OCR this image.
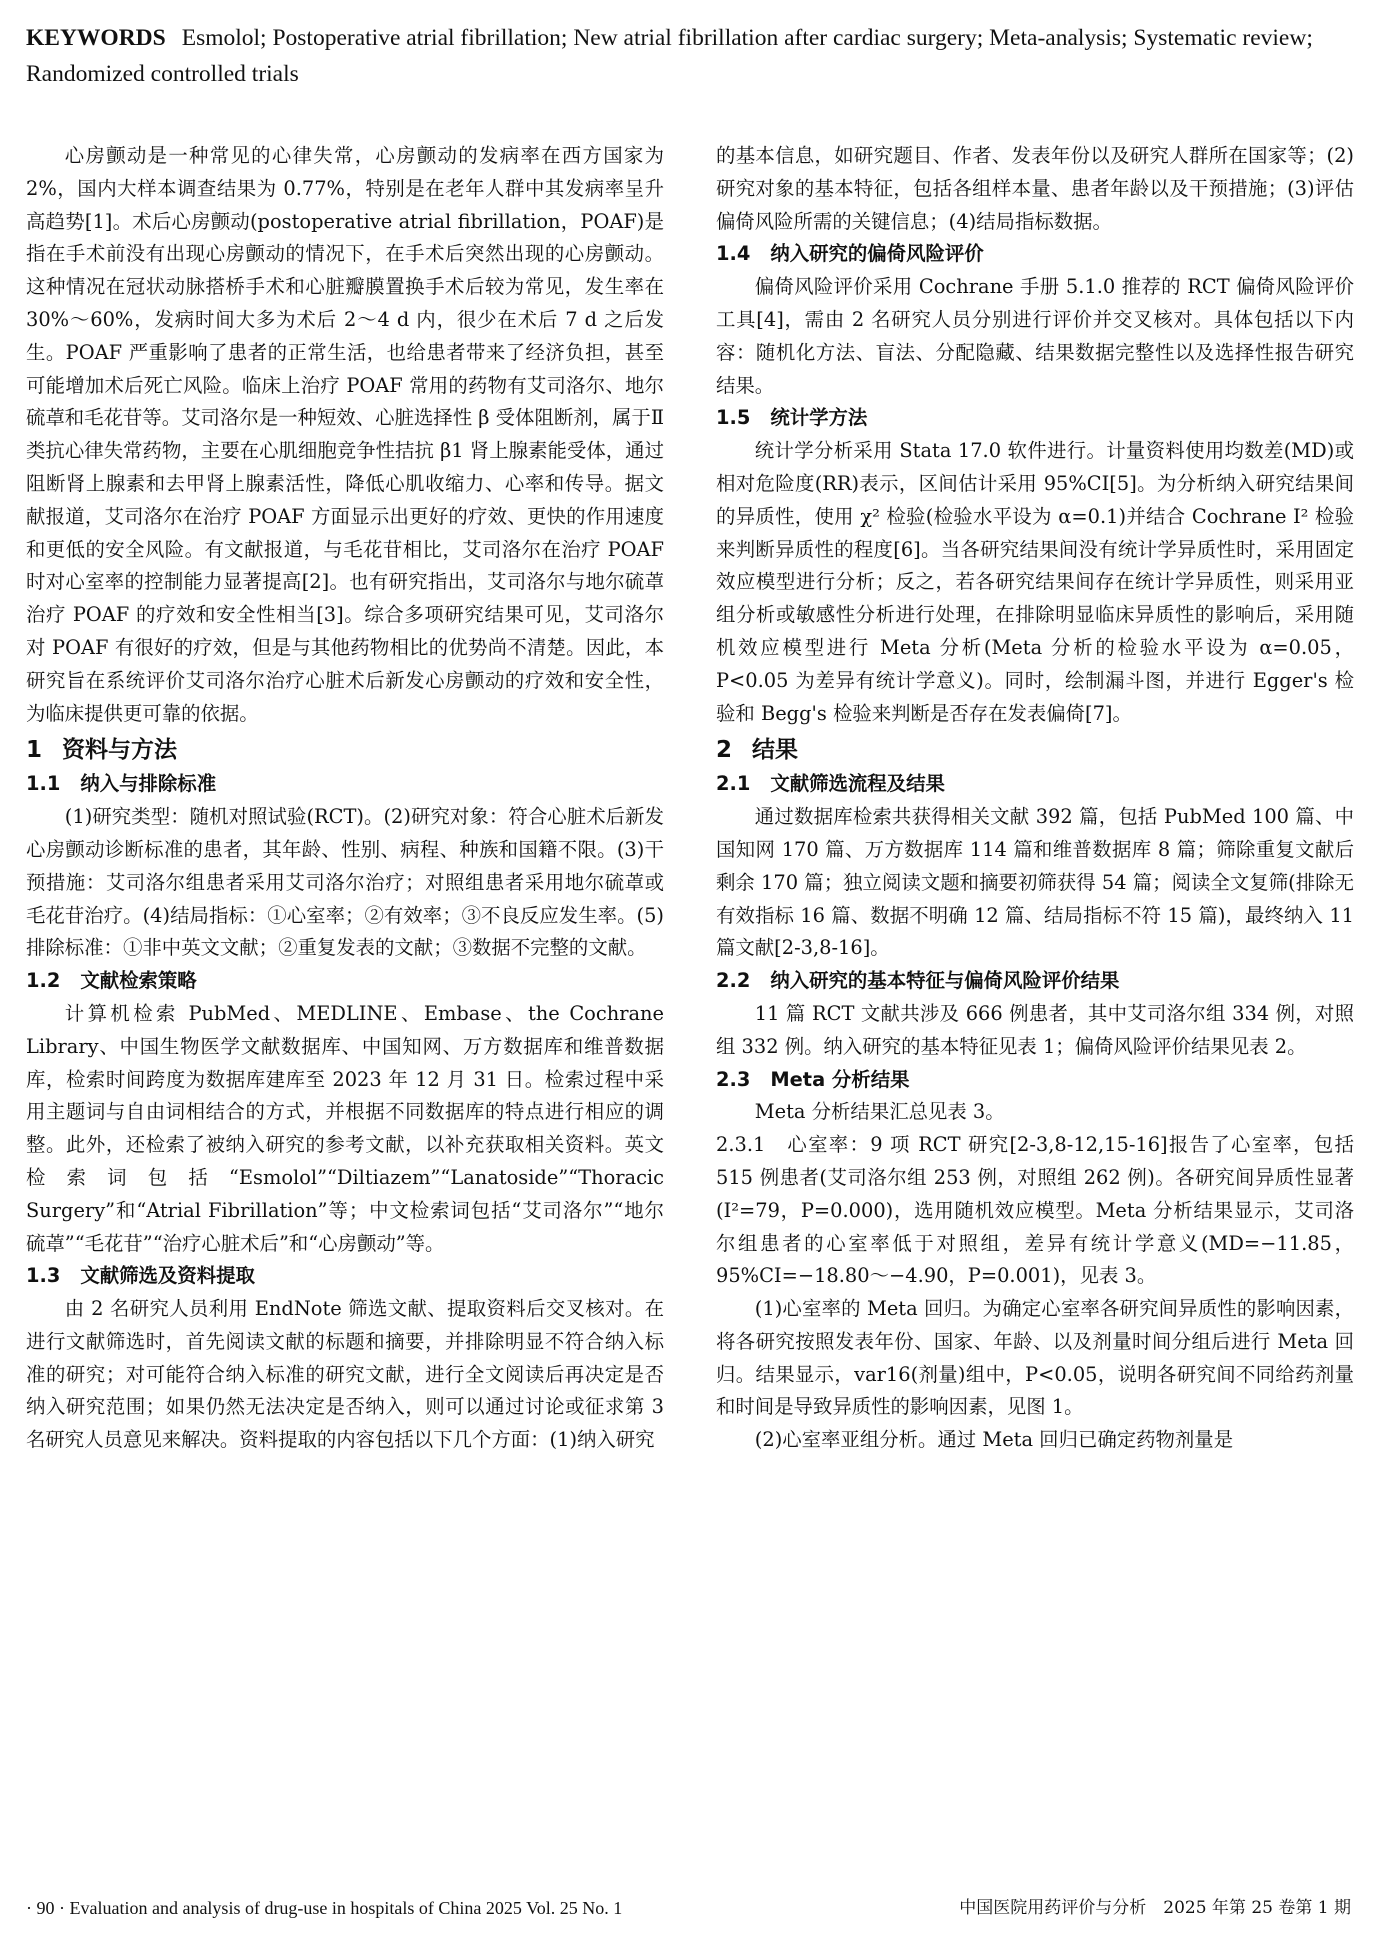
KEYWORDS Esmolol; Postoperative atrial fibrillation; New atrial fibrillation after cardiac surgery; Meta-analysis; Systematic review; Randomized controlled trials

心房颤动是一种常见的心律失常，心房颤动的发病率在西方国家为 2%，国内大样本调查结果为 0.77%，特别是在老年人群中其发病率呈升高趋势[1]。术后心房颤动(postoperative atrial fibrillation，POAF)是指在手术前没有出现心房颤动的情况下，在手术后突然出现的心房颤动。这种情况在冠状动脉搭桥手术和心脏瓣膜置换手术后较为常见，发生率在 30%～60%，发病时间大多为术后 2～4 d 内，很少在术后 7 d 之后发生。POAF 严重影响了患者的正常生活，也给患者带来了经济负担，甚至可能增加术后死亡风险。临床上治疗 POAF 常用的药物有艾司洛尔、地尔硫䓬和毛花苷等。艾司洛尔是一种短效、心脏选择性 β 受体阻断剂，属于Ⅱ类抗心律失常药物，主要在心肌细胞竞争性拮抗 β1 肾上腺素能受体，通过阻断肾上腺素和去甲肾上腺素活性，降低心肌收缩力、心率和传导。据文献报道，艾司洛尔在治疗 POAF 方面显示出更好的疗效、更快的作用速度和更低的安全风险。有文献报道，与毛花苷相比，艾司洛尔在治疗 POAF 时对心室率的控制能力显著提高[2]。也有研究指出，艾司洛尔与地尔硫䓬治疗 POAF 的疗效和安全性相当[3]。综合多项研究结果可见，艾司洛尔对 POAF 有很好的疗效，但是与其他药物相比的优势尚不清楚。因此，本研究旨在系统评价艾司洛尔治疗心脏术后新发心房颤动的疗效和安全性，为临床提供更可靠的依据。

1 资料与方法
1.1 纳入与排除标准

(1)研究类型：随机对照试验(RCT)。(2)研究对象：符合心脏术后新发心房颤动诊断标准的患者，其年龄、性别、病程、种族和国籍不限。(3)干预措施：艾司洛尔组患者采用艾司洛尔治疗；对照组患者采用地尔硫䓬或毛花苷治疗。(4)结局指标：①心室率；②有效率；③不良反应发生率。(5)排除标准：①非中英文文献；②重复发表的文献；③数据不完整的文献。

1.2 文献检索策略

计算机检索 PubMed、MEDLINE、Embase、the Cochrane Library、中国生物医学文献数据库、中国知网、万方数据库和维普数据库，检索时间跨度为数据库建库至 2023 年 12 月 31 日。检索过程中采用主题词与自由词相结合的方式，并根据不同数据库的特点进行相应的调整。此外，还检索了被纳入研究的参考文献，以补充获取相关资料。英文检索词包括“Esmolol”“Diltiazem”“Lanatoside”“Thoracic Surgery”和“Atrial Fibrillation”等；中文检索词包括“艾司洛尔”“地尔硫䓬”“毛花苷”“治疗心脏术后”和“心房颤动”等。

1.3 文献筛选及资料提取

由 2 名研究人员利用 EndNote 筛选文献、提取资料后交叉核对。在进行文献筛选时，首先阅读文献的标题和摘要，并排除明显不符合纳入标准的研究；对可能符合纳入标准的研究文献，进行全文阅读后再决定是否纳入研究范围；如果仍然无法决定是否纳入，则可以通过讨论或征求第 3 名研究人员意见来解决。资料提取的内容包括以下几个方面：(1)纳入研究

的基本信息，如研究题目、作者、发表年份以及研究人群所在国家等；(2)研究对象的基本特征，包括各组样本量、患者年龄以及干预措施；(3)评估偏倚风险所需的关键信息；(4)结局指标数据。

1.4 纳入研究的偏倚风险评价

偏倚风险评价采用 Cochrane 手册 5.1.0 推荐的 RCT 偏倚风险评价工具[4]，需由 2 名研究人员分别进行评价并交叉核对。具体包括以下内容：随机化方法、盲法、分配隐藏、结果数据完整性以及选择性报告研究结果。

1.5 统计学方法

统计学分析采用 Stata 17.0 软件进行。计量资料使用均数差(MD)或相对危险度(RR)表示，区间估计采用 95%CI[5]。为分析纳入研究结果间的异质性，使用 χ² 检验(检验水平设为 α=0.1)并结合 Cochrane I² 检验来判断异质性的程度[6]。当各研究结果间没有统计学异质性时，采用固定效应模型进行分析；反之，若各研究结果间存在统计学异质性，则采用亚组分析或敏感性分析进行处理，在排除明显临床异质性的影响后，采用随机效应模型进行 Meta 分析(Meta 分析的检验水平设为 α=0.05，P<0.05 为差异有统计学意义)。同时，绘制漏斗图，并进行 Egger's 检验和 Begg's 检验来判断是否存在发表偏倚[7]。

2 结果
2.1 文献筛选流程及结果

通过数据库检索共获得相关文献 392 篇，包括 PubMed 100 篇、中国知网 170 篇、万方数据库 114 篇和维普数据库 8 篇；筛除重复文献后剩余 170 篇；独立阅读文题和摘要初筛获得 54 篇；阅读全文复筛(排除无有效指标 16 篇、数据不明确 12 篇、结局指标不符 15 篇)，最终纳入 11 篇文献[2-3,8-16]。

2.2 纳入研究的基本特征与偏倚风险评价结果

11 篇 RCT 文献共涉及 666 例患者，其中艾司洛尔组 334 例，对照组 332 例。纳入研究的基本特征见表 1；偏倚风险评价结果见表 2。

2.3 Meta 分析结果

Meta 分析结果汇总见表 3。

2.3.1　心室率：9 项 RCT 研究[2-3,8-12,15-16]报告了心室率，包括 515 例患者(艾司洛尔组 253 例，对照组 262 例)。各研究间异质性显著(I²=79，P=0.000)，选用随机效应模型。Meta 分析结果显示，艾司洛尔组患者的心室率低于对照组，差异有统计学意义(MD=−11.85，95%CI=−18.80～−4.90，P=0.001)，见表 3。

(1)心室率的 Meta 回归。为确定心室率各研究间异质性的影响因素，将各研究按照发表年份、国家、年龄、以及剂量时间分组后进行 Meta 回归。结果显示，var16(剂量)组中，P<0.05，说明各研究间不同给药剂量和时间是导致异质性的影响因素，见图 1。

(2)心室率亚组分析。通过 Meta 回归已确定药物剂量是

· 90 · Evaluation and analysis of drug-use in hospitals of China 2025 Vol. 25 No. 1	中国医院用药评价与分析　2025 年第 25 卷第 1 期
